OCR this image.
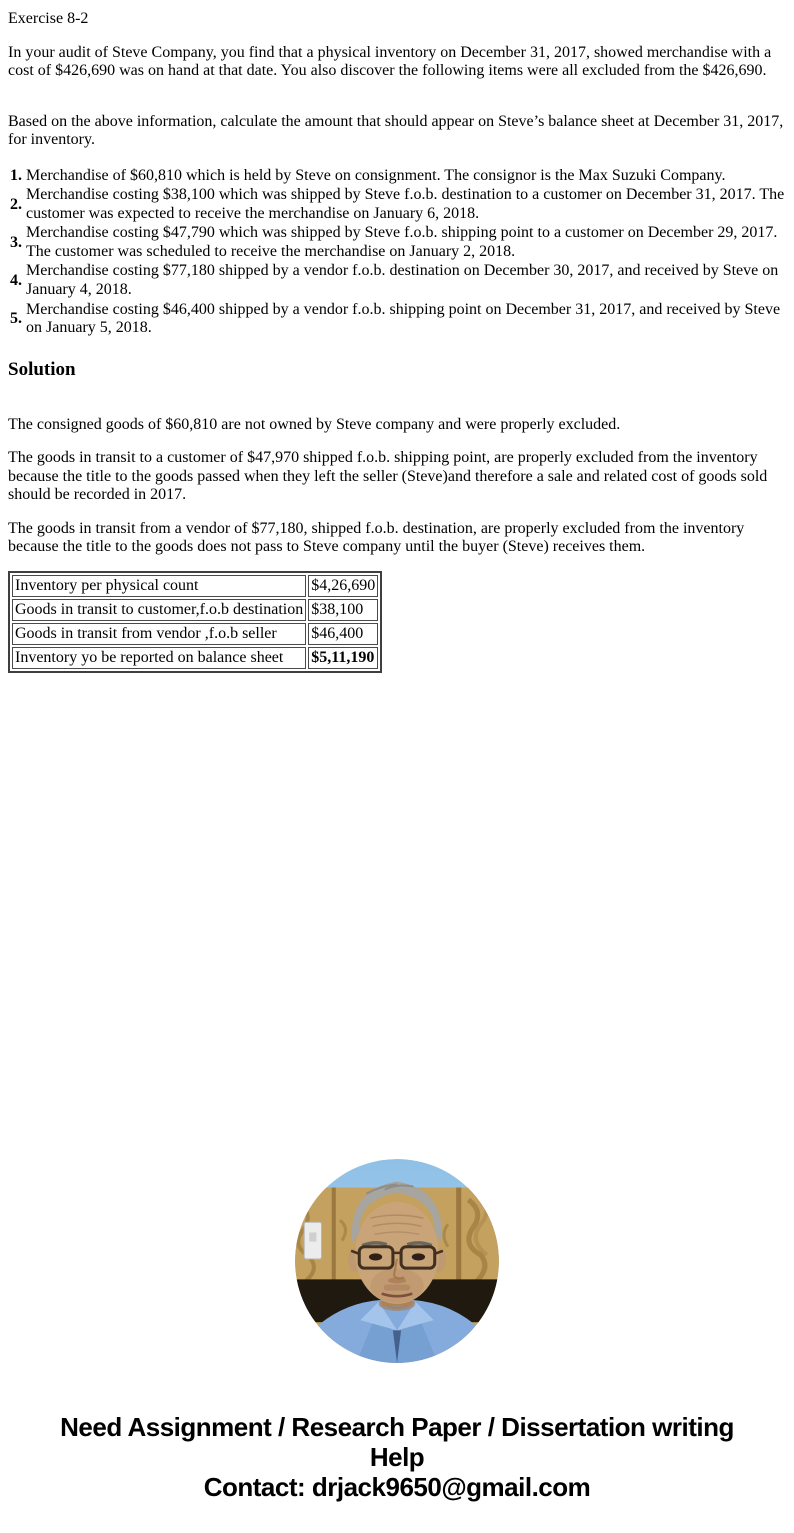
Exercise 8-2

In your audit of Steve Company, you find that a physical inventory on December 31, 2017, showed merchandise with a cost of $426,690 was on hand at that date. You also discover the following items were all excluded from the $426,690.

Based on the above information, calculate the amount that should appear on Steve’s balance sheet at December 31, 2017, for inventory.

1. Merchandise of $60,810 which is held by Steve on consignment. The consignor is the Max Suzuki Company.
2.
Merchandise costing $38,100 which was shipped by Steve f.o.b. destination to a customer on December 31, 2017. The customer was expected to receive the merchandise on January 6, 2018.
3.
Merchandise costing $47,790 which was shipped by Steve f.o.b. shipping point to a customer on December 29, 2017. The customer was scheduled to receive the merchandise on January 2, 2018.
4.
Merchandise costing $77,180 shipped by a vendor f.o.b. destination on December 30, 2017, and received by Steve on January 4, 2018.
5.
Merchandise costing $46,400 shipped by a vendor f.o.b. shipping point on December 31, 2017, and received by Steve on January 5, 2018.
Solution

The consigned goods of $60,810 are not owned by Steve company and were properly excluded.

The goods in transit to a customer of $47,970 shipped f.o.b. shipping point, are properly excluded from the inventory because the title to the goods passed when they left the seller (Steve)and therefore a sale and related cost of goods sold should be recorded in 2017.

The goods in transit from a vendor of $77,180, shipped f.o.b. destination, are properly excluded from the inventory because the title to the goods does not pass to Steve company until the buyer (Steve) receives them.

Inventory per physical count	$4,26,690
Goods in transit to customer,f.o.b destination	$38,100
Goods in transit from vendor ,f.o.b seller	$46,400
Inventory yo be reported on balance sheet	$5,11,190
Need Assignment / Research Paper / Dissertation writing Help
Contact: drjack9650@gmail.com
